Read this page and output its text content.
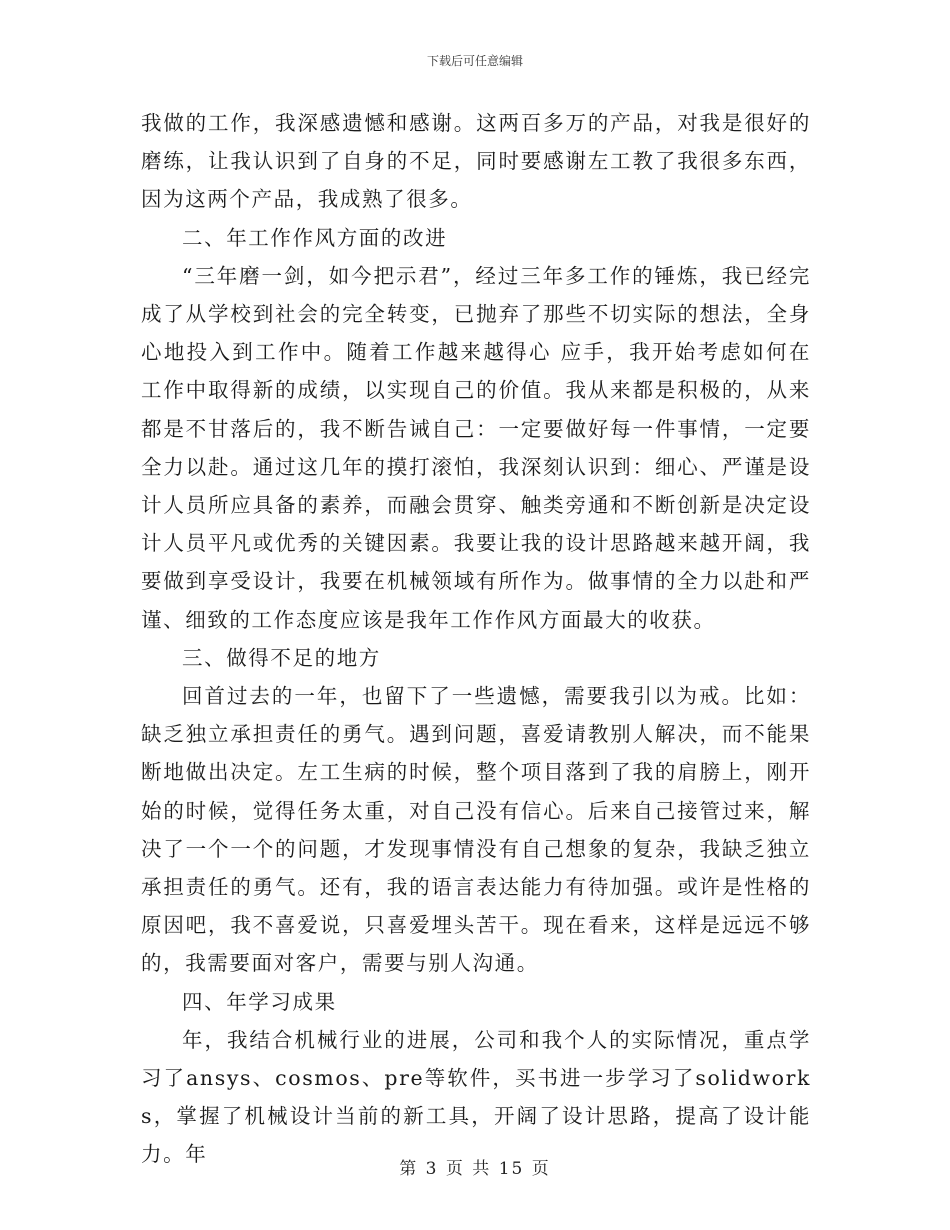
下载后可任意编辑

我做的工作，我深感遗憾和感谢。这两百多万的产品，对我是很好的磨练，让我认识到了自身的不足，同时要感谢左工教了我很多东西，因为这两个产品，我成熟了很多。

二、年工作作风方面的改进

“三年磨一剑，如今把示君”，经过三年多工作的锤炼，我已经完成了从学校到社会的完全转变，已抛弃了那些不切实际的想法，全身心地投入到工作中。随着工作越来越得心 应手，我开始考虑如何在工作中取得新的成绩，以实现自己的价值。我从来都是积极的，从来都是不甘落后的，我不断告诫自己：一定要做好每一件事情，一定要全力以赴。通过这几年的摸打滚怕，我深刻认识到：细心、严谨是设计人员所应具备的素养，而融会贯穿、触类旁通和不断创新是决定设计人员平凡或优秀的关键因素。我要让我的设计思路越来越开阔，我要做到享受设计，我要在机械领域有所作为。做事情的全力以赴和严谨、细致的工作态度应该是我年工作作风方面最大的收获。

三、做得不足的地方

回首过去的一年，也留下了一些遗憾，需要我引以为戒。比如：缺乏独立承担责任的勇气。遇到问题，喜爱请教别人解决，而不能果断地做出决定。左工生病的时候，整个项目落到了我的肩膀上，刚开始的时候，觉得任务太重，对自己没有信心。后来自己接管过来，解决了一个一个的问题，才发现事情没有自己想象的复杂，我缺乏独立承担责任的勇气。还有，我的语言表达能力有待加强。或许是性格的原因吧，我不喜爱说，只喜爱埋头苦干。现在看来，这样是远远不够的，我需要面对客户，需要与别人沟通。

四、年学习成果

年，我结合机械行业的进展，公司和我个人的实际情况，重点学习了ansys、cosmos、pre等软件，买书进一步学习了solidworks，掌握了机械设计当前的新工具，开阔了设计思路，提高了设计能力。年

第 3 页 共 15 页
